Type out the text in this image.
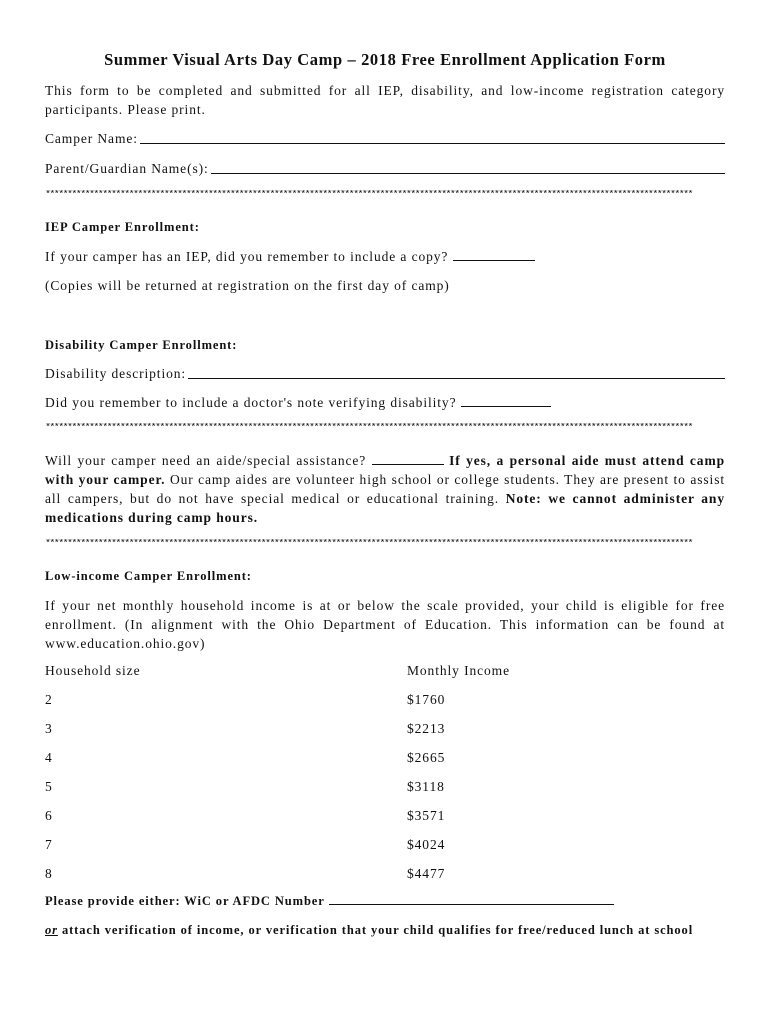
Summer Visual Arts Day Camp – 2018 Free Enrollment Application Form
This form to be completed and submitted for all IEP, disability, and low-income registration category participants. Please print.
Camper Name:
Parent/Guardian Name(s):
***************************************************************************************************************************************************
IEP Camper Enrollment:
If your camper has an IEP, did you remember to include a copy?
(Copies will be returned at registration on the first day of camp)
Disability Camper Enrollment:
Disability description:
Did you remember to include a doctor's note verifying disability?
***************************************************************************************************************************************************
Will your camper need an aide/special assistance?	If yes, a personal aide must attend camp with your camper. Our camp aides are volunteer high school or college students. They are present to assist all campers, but do not have special medical or educational training. Note: we cannot administer any medications during camp hours.
***************************************************************************************************************************************************
Low-income Camper Enrollment:
If your net monthly household income is at or below the scale provided, your child is eligible for free enrollment. (In alignment with the Ohio Department of Education. This information can be found at www.education.ohio.gov)
Household size	Monthly Income
2	$1760
3	$2213
4	$2665
5	$3118
6	$3571
7	$4024
8	$4477
Please provide either: WiC or AFDC Number
or attach verification of income, or verification that your child qualifies for free/reduced lunch at school
